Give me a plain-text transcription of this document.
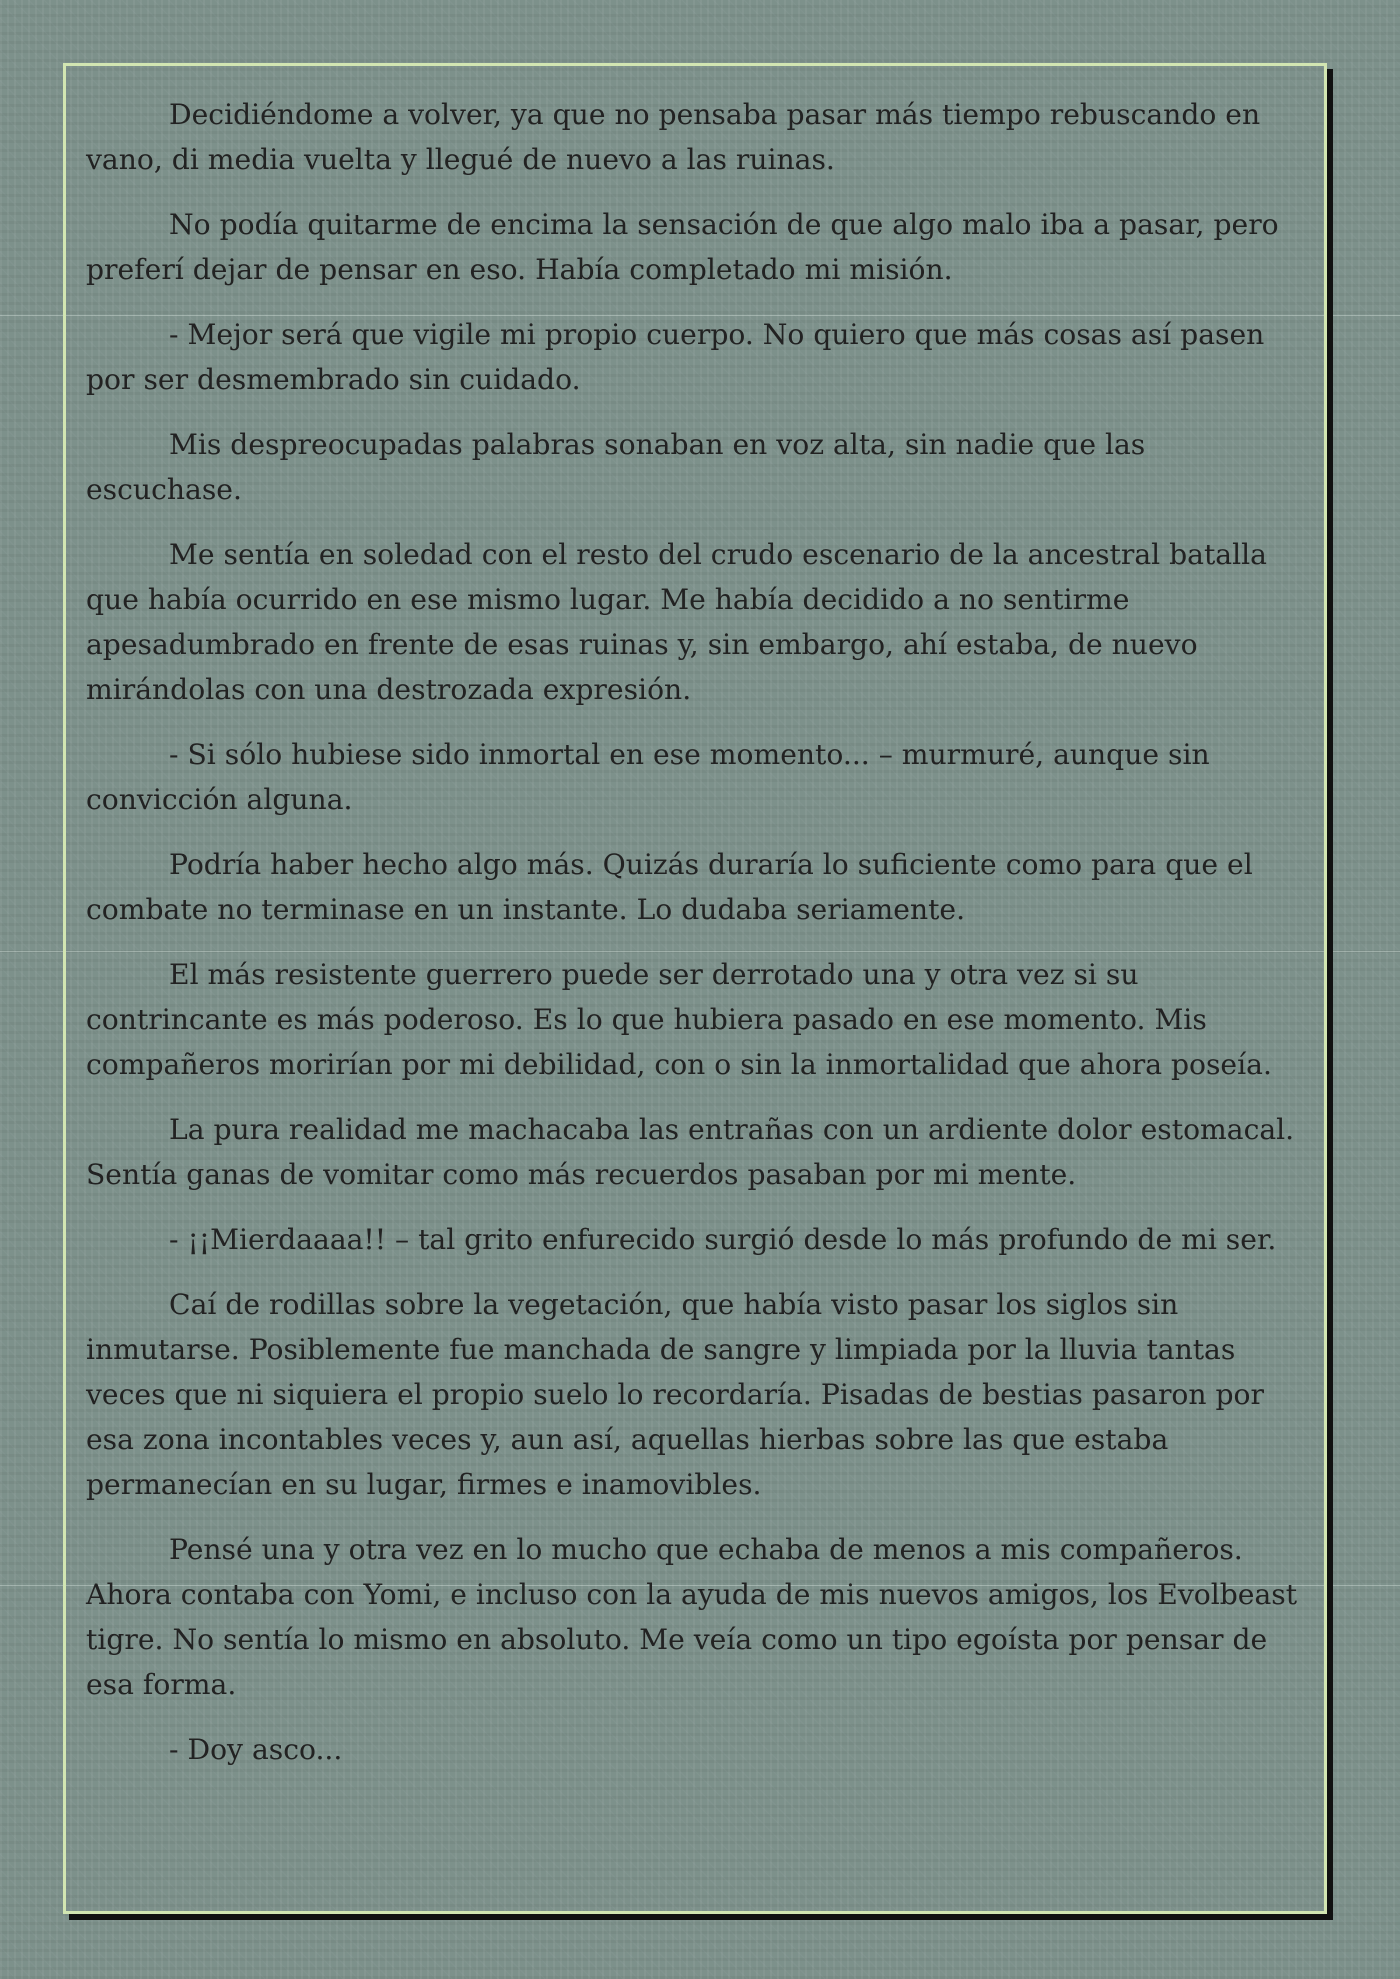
Decidiéndome a volver, ya que no pensaba pasar más tiempo rebuscando en vano, di media vuelta y llegué de nuevo a las ruinas.

No podía quitarme de encima la sensación de que algo malo iba a pasar, pero preferí dejar de pensar en eso. Había completado mi misión.

- Mejor será que vigile mi propio cuerpo. No quiero que más cosas así pasen por ser desmembrado sin cuidado.

Mis despreocupadas palabras sonaban en voz alta, sin nadie que las escuchase.

Me sentía en soledad con el resto del crudo escenario de la ancestral batalla que había ocurrido en ese mismo lugar. Me había decidido a no sentirme apesadumbrado en frente de esas ruinas y, sin embargo, ahí estaba, de nuevo mirándolas con una destrozada expresión.

- Si sólo hubiese sido inmortal en ese momento... – murmuré, aunque sin convicción alguna.

Podría haber hecho algo más. Quizás duraría lo suficiente como para que el combate no terminase en un instante. Lo dudaba seriamente.

El más resistente guerrero puede ser derrotado una y otra vez si su contrincante es más poderoso. Es lo que hubiera pasado en ese momento. Mis compañeros morirían por mi debilidad, con o sin la inmortalidad que ahora poseía.

La pura realidad me machacaba las entrañas con un ardiente dolor estomacal. Sentía ganas de vomitar como más recuerdos pasaban por mi mente.

- ¡¡Mierdaaaa!! – tal grito enfurecido surgió desde lo más profundo de mi ser.

Caí de rodillas sobre la vegetación, que había visto pasar los siglos sin inmutarse. Posiblemente fue manchada de sangre y limpiada por la lluvia tantas veces que ni siquiera el propio suelo lo recordaría. Pisadas de bestias pasaron por esa zona incontables veces y, aun así, aquellas hierbas sobre las que estaba permanecían en su lugar, firmes e inamovibles.

Pensé una y otra vez en lo mucho que echaba de menos a mis compañeros. Ahora contaba con Yomi, e incluso con la ayuda de mis nuevos amigos, los Evolbeast tigre. No sentía lo mismo en absoluto. Me veía como un tipo egoísta por pensar de esa forma.

- Doy asco...
